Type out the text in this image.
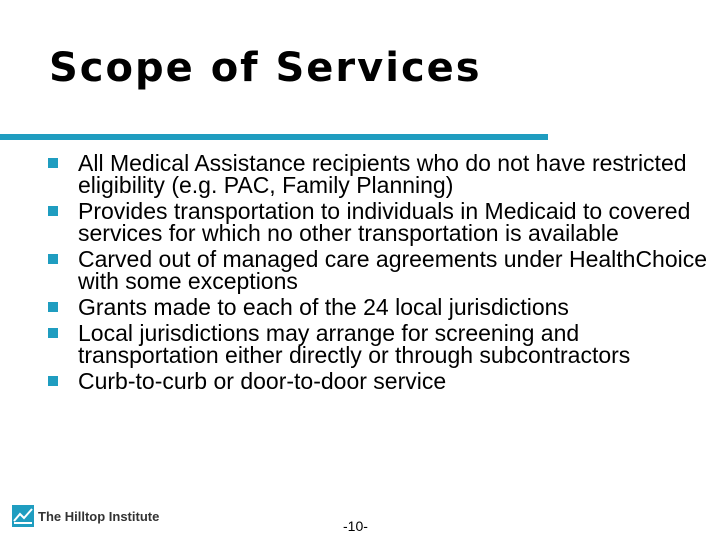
Scope of Services
All Medical Assistance recipients who do not have restricted eligibility (e.g. PAC, Family Planning)
Provides transportation to individuals in Medicaid to covered services for which no other transportation is available
Carved out of managed care agreements under HealthChoice with some exceptions
Grants made to each of the 24 local jurisdictions
Local jurisdictions may arrange for screening and transportation either directly or through subcontractors
Curb-to-curb or door-to-door service
The Hilltop Institute
-10-
